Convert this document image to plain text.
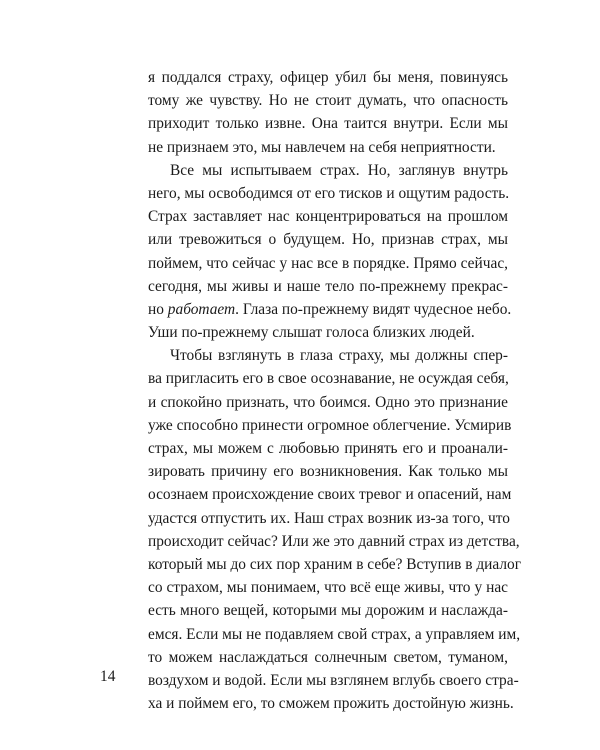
я поддался страху, офицер убил бы меня, повинуясь
тому же чувству. Но не стоит думать, что опасность
приходит только извне. Она таится внутри. Если мы
не признаем это, мы навлечем на себя неприятности.
Все мы испытываем страх. Но, заглянув внутрь
него, мы освободимся от его тисков и ощутим радость.
Страх заставляет нас концентрироваться на прошлом
или тревожиться о будущем. Но, признав страх, мы
поймем, что сейчас у нас все в порядке. Прямо сейчас,
сегодня, мы живы и наше тело по-прежнему прекрас-
но работает. Глаза по-прежнему видят чудесное небо.
Уши по-прежнему слышат голоса близких людей.
Чтобы взглянуть в глаза страху, мы должны спер-
ва пригласить его в свое осознавание, не осуждая себя,
и спокойно признать, что боимся. Одно это признание
уже способно принести огромное облегчение. Усмирив
страх, мы можем с любовью принять его и проанали-
зировать причину его возникновения. Как только мы
осознаем происхождение своих тревог и опасений, нам
удастся отпустить их. Наш страх возник из-за того, что
происходит сейчас? Или же это давний страх из детства,
который мы до сих пор храним в себе? Вступив в диалог
со страхом, мы понимаем, что всё еще живы, что у нас
есть много вещей, которыми мы дорожим и наслажда-
емся. Если мы не подавляем свой страх, а управляем им,
то можем наслаждаться солнечным светом, туманом,
воздухом и водой. Если мы взглянем вглубь своего стра-
ха и поймем его, то сможем прожить достойную жизнь.
14
